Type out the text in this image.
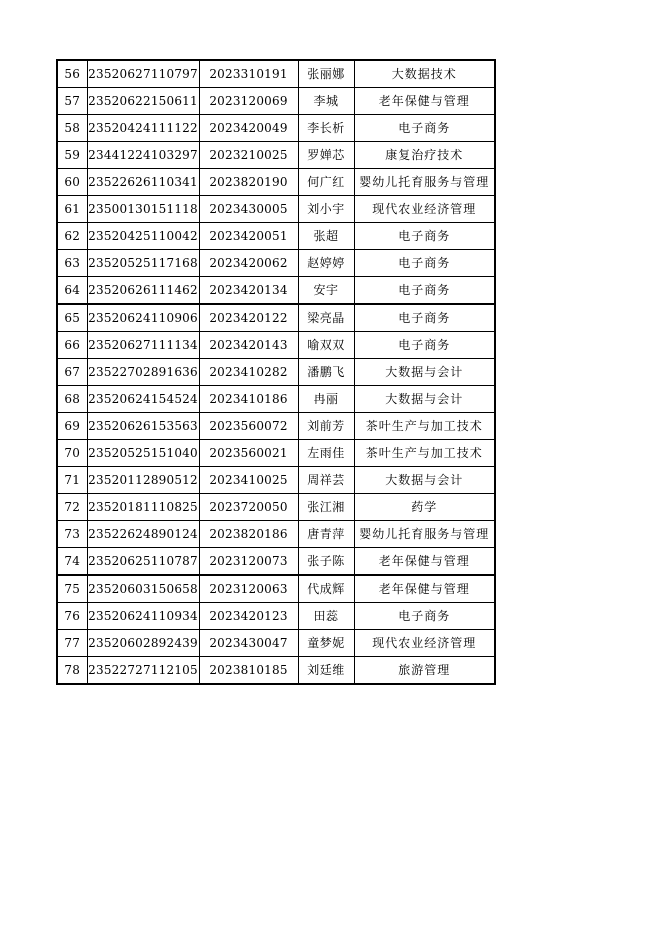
56	23520627110797	2023310191	张丽娜	大数据技术
57	23520622150611	2023120069	李城	老年保健与管理
58	23520424111122	2023420049	李长析	电子商务
59	23441224103297	2023210025	罗婵芯	康复治疗技术
60	23522626110341	2023820190	何广红	婴幼儿托育服务与管理
61	23500130151118	2023430005	刘小宇	现代农业经济管理
62	23520425110042	2023420051	张超	电子商务
63	23520525117168	2023420062	赵婷婷	电子商务
64	23520626111462	2023420134	安宇	电子商务
65	23520624110906	2023420122	梁亮晶	电子商务
66	23520627111134	2023420143	喻双双	电子商务
67	23522702891636	2023410282	潘鹏飞	大数据与会计
68	23520624154524	2023410186	冉丽	大数据与会计
69	23520626153563	2023560072	刘前芳	茶叶生产与加工技术
70	23520525151040	2023560021	左雨佳	茶叶生产与加工技术
71	23520112890512	2023410025	周祥芸	大数据与会计
72	23520181110825	2023720050	张江湘	药学
73	23522624890124	2023820186	唐青萍	婴幼儿托育服务与管理
74	23520625110787	2023120073	张子陈	老年保健与管理
75	23520603150658	2023120063	代成辉	老年保健与管理
76	23520624110934	2023420123	田蕊	电子商务
77	23520602892439	2023430047	童梦妮	现代农业经济管理
78	23522727112105	2023810185	刘廷维	旅游管理
